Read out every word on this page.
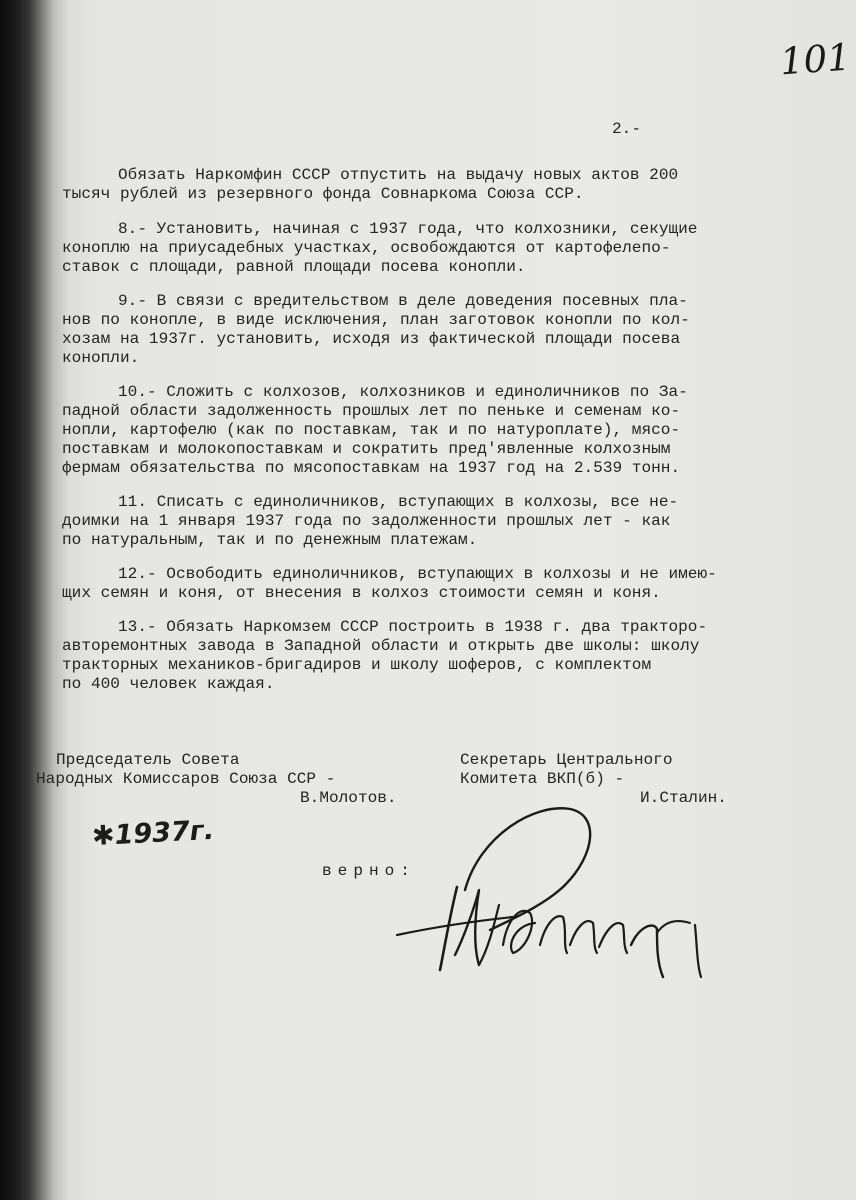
101
2.-

Обязать Наркомфин СССР отпустить на выдачу новых актов 200

тысяч рублей из резервного фонда Совнаркома Союза ССР.

8.- Установить, начиная с 1937 года, что колхозники, секущие

коноплю на приусадебных участках, освобождаются от картофелепо-

ставок с площади, равной площади посева конопли.

9.- В связи с вредительством в деле доведения посевных пла-

нов по конопле, в виде исключения, план заготовок конопли по кол-

хозам на 1937г. установить, исходя из фактической площади посева

конопли.

10.- Сложить с колхозов, колхозников и единоличников по За-

падной области задолженность прошлых лет по пеньке и семенам ко-

нопли, картофелю (как по поставкам, так и по натуроплате), мясо-

поставкам и молокопоставкам и сократить пред'явленные колхозным

фермам обязательства по мясопоставкам на 1937 год на 2.539 тонн.

11. Списать с единоличников, вступающих в колхозы, все не-

доимки на 1 января 1937 года по задолженности прошлых лет - как

по натуральным, так и по денежным платежам.

12.- Освободить единоличников, вступающих в колхозы и не имею-

щих семян и коня, от внесения в колхоз стоимости семян и коня.

13.- Обязать Наркомзем СССР построить в 1938 г. два тракторо-

авторемонтных завода в Западной области и открыть две школы: школу

тракторных механиков-бригадиров и школу шоферов, с комплектом

по 400 человек каждая.

Председатель Совета

Народных Комиссаров Союза ССР -

В.Молотов.

Секретарь Центрального

Комитета ВКП(б) -

И.Сталин.

✱1937г.
верно:
